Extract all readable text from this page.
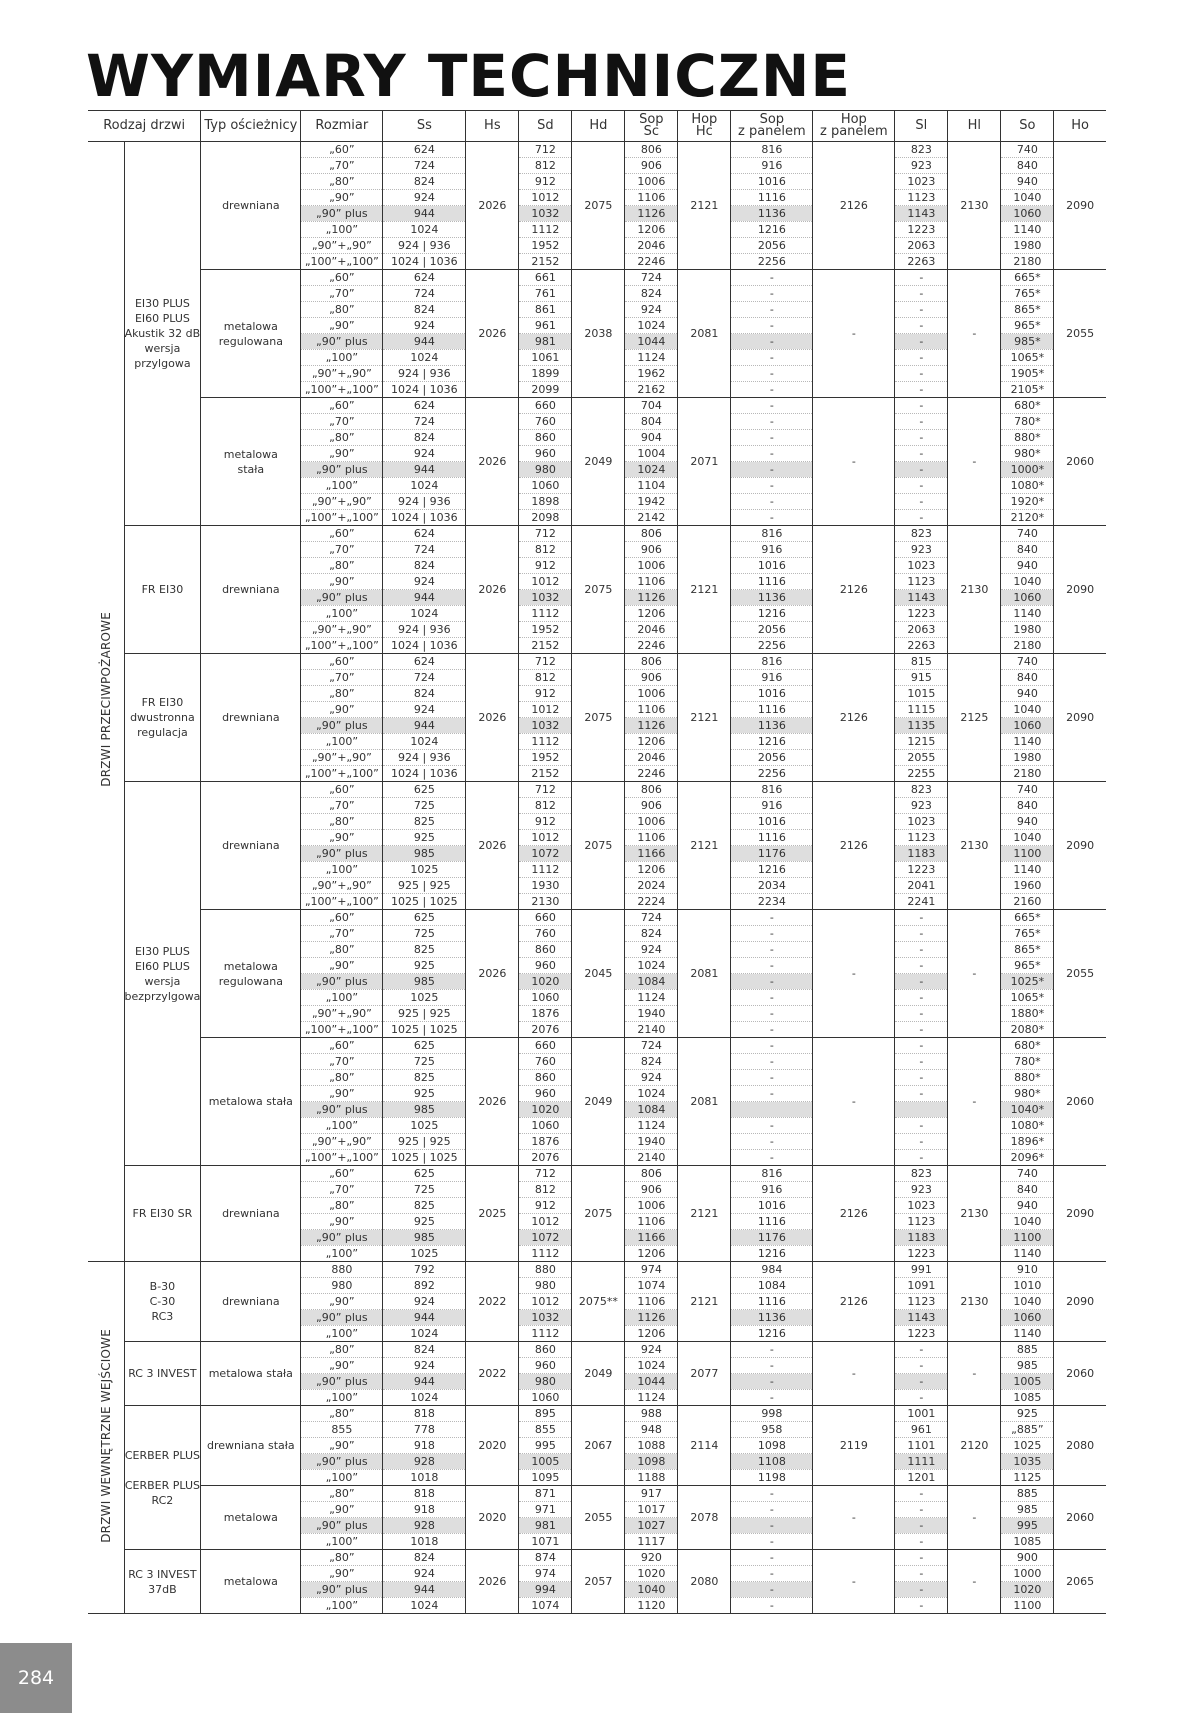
WYMIARY TECHNICZNE
Rodzaj drzwi		Typ ościeżnicy	Rozmiar	Ss	Hs	Sd	Hd	Sop
Sc	Hop
Hc	Sop
z panelem	Hop
z panelem	Sl	Hl	So	Ho
DRZWI PRZECIWPOŻAROWE	EI30 PLUS
EI60 PLUS
Akustik 32 dB
wersja
przylgowa	drewniana	„60”	624	2026	712	2075	806	2121	816	2126	823	2130	740	2090
			„70”	724		812		906		916		923		840	
			„80”	824		912		1006		1016		1023		940	
			„90”	924		1012		1106		1116		1123		1040	
			„90” plus	944		1032		1126		1136		1143		1060	
			„100”	1024		1112		1206		1216		1223		1140	
			„90”+„90”	924 | 936		1952		2046		2056		2063		1980	
			„100”+„100”	1024 | 1036		2152		2246		2256		2263		2180	
		metalowa
regulowana	„60”	624	2026	661	2038	724	2081	-	-	-	-	665*	2055
			„70”	724		761		824		-		-		765*	
			„80”	824		861		924		-		-		865*	
			„90”	924		961		1024		-		-		965*	
			„90” plus	944		981		1044		-		-		985*	
			„100”	1024		1061		1124		-		-		1065*	
			„90”+„90”	924 | 936		1899		1962		-		-		1905*	
			„100”+„100”	1024 | 1036		2099		2162		-		-		2105*	
		metalowa
stała	„60”	624	2026	660	2049	704	2071	-	-	-	-	680*	2060
			„70”	724		760		804		-		-		780*	
			„80”	824		860		904		-		-		880*	
			„90”	924		960		1004		-		-		980*	
			„90” plus	944		980		1024		-		-		1000*	
			„100”	1024		1060		1104		-		-		1080*	
			„90”+„90”	924 | 936		1898		1942		-		-		1920*	
			„100”+„100”	1024 | 1036		2098		2142		-		-		2120*	
	FR EI30	drewniana	„60”	624	2026	712	2075	806	2121	816	2126	823	2130	740	2090
			„70”	724		812		906		916		923		840	
			„80”	824		912		1006		1016		1023		940	
			„90”	924		1012		1106		1116		1123		1040	
			„90” plus	944		1032		1126		1136		1143		1060	
			„100”	1024		1112		1206		1216		1223		1140	
			„90”+„90”	924 | 936		1952		2046		2056		2063		1980	
			„100”+„100”	1024 | 1036		2152		2246		2256		2263		2180	
	FR EI30
dwustronna
regulacja	drewniana	„60”	624	2026	712	2075	806	2121	816	2126	815	2125	740	2090
			„70”	724		812		906		916		915		840	
			„80”	824		912		1006		1016		1015		940	
			„90”	924		1012		1106		1116		1115		1040	
			„90” plus	944		1032		1126		1136		1135		1060	
			„100”	1024		1112		1206		1216		1215		1140	
			„90”+„90”	924 | 936		1952		2046		2056		2055		1980	
			„100”+„100”	1024 | 1036		2152		2246		2256		2255		2180	
	EI30 PLUS
EI60 PLUS
wersja
bezprzylgowa	drewniana	„60”	625	2026	712	2075	806	2121	816	2126	823	2130	740	2090
			„70”	725		812		906		916		923		840	
			„80”	825		912		1006		1016		1023		940	
			„90”	925		1012		1106		1116		1123		1040	
			„90” plus	985		1072		1166		1176		1183		1100	
			„100”	1025		1112		1206		1216		1223		1140	
			„90”+„90”	925 | 925		1930		2024		2034		2041		1960	
			„100”+„100”	1025 | 1025		2130		2224		2234		2241		2160	
		metalowa
regulowana	„60”	625	2026	660	2045	724	2081	-	-	-	-	665*	2055
			„70”	725		760		824		-		-		765*	
			„80”	825		860		924		-		-		865*	
			„90”	925		960		1024		-		-		965*	
			„90” plus	985		1020		1084		-		-		1025*	
			„100”	1025		1060		1124		-		-		1065*	
			„90”+„90”	925 | 925		1876		1940		-		-		1880*	
			„100”+„100”	1025 | 1025		2076		2140		-		-		2080*	
		metalowa stała	„60”	625	2026	660	2049	724	2081	-	-	-	-	680*	2060
			„70”	725		760		824		-		-		780*	
			„80”	825		860		924		-		-		880*	
			„90”	925		960		1024		-		-		980*	
			„90” plus	985		1020		1084						1040*	
			„100”	1025		1060		1124		-		-		1080*	
			„90”+„90”	925 | 925		1876		1940		-		-		1896*	
			„100”+„100”	1025 | 1025		2076		2140		-		-		2096*	
	FR EI30 SR	drewniana	„60”	625	2025	712	2075	806	2121	816	2126	823	2130	740	2090
			„70”	725		812		906		916		923		840	
			„80”	825		912		1006		1016		1023		940	
			„90”	925		1012		1106		1116		1123		1040	
			„90” plus	985		1072		1166		1176		1183		1100	
			„100”	1025		1112		1206		1216		1223		1140	
DRZWI WEWNĘTRZNE WEJŚCIOWE	B-30
C-30
RC3	drewniana	880	792	2022	880	2075**	974	2121	984	2126	991	2130	910	2090
			980	892		980		1074		1084		1091		1010	
			„90”	924		1012		1106		1116		1123		1040	
			„90” plus	944		1032		1126		1136		1143		1060	
			„100”	1024		1112		1206		1216		1223		1140	
	RC 3 INVEST	metalowa stała	„80”	824	2022	860	2049	924	2077	-	-	-	-	885	2060
			„90”	924		960		1024		-		-		985	
			„90” plus	944		980		1044		-		-		1005	
			„100”	1024		1060		1124		-		-		1085	
	CERBER PLUS

CERBER PLUS
RC2	drewniana stała	„80”	818	2020	895	2067	988	2114	998	2119	1001	2120	925	2080
			855	778		855		948		958		961		„885”	
			„90”	918		995		1088		1098		1101		1025	
			„90” plus	928		1005		1098		1108		1111		1035	
			„100”	1018		1095		1188		1198		1201		1125	
		metalowa	„80”	818	2020	871	2055	917	2078	-	-	-	-	885	2060
			„90”	918		971		1017		-		-		985	
			„90” plus	928		981		1027		-		-		995	
			„100”	1018		1071		1117		-		-		1085	
	RC 3 INVEST
37dB	metalowa	„80”	824	2026	874	2057	920	2080	-	-	-	-	900	2065
			„90”	924		974		1020		-		-		1000	
			„90” plus	944		994		1040		-		-		1020	
			„100”	1024		1074		1120		-		-		1100	
284
